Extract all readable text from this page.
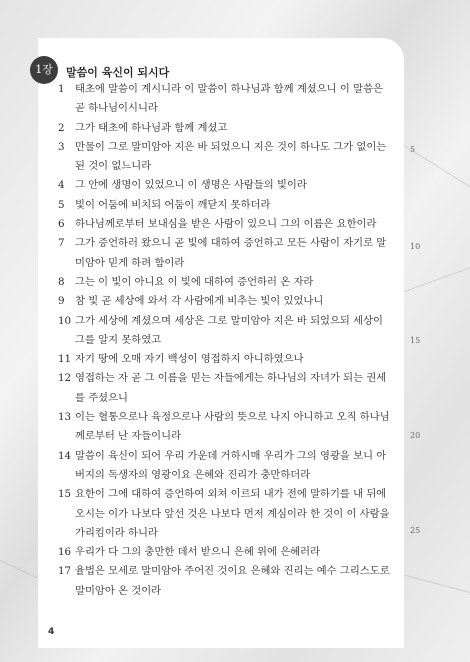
1장	말씀이 육신이 되시다
1	태초에 말씀이 계시니라 이 말씀이 하나님과 함께 계셨으니 이 말씀은 곧 하나님이시니라
2	그가 태초에 하나님과 함께 계셨고
3	만물이 그로 말미암아 지은 바 되었으니 지은 것이 하나도 그가 없이는 된 것이 없느니라
4	그 안에 생명이 있었으니 이 생명은 사람들의 빛이라
5	빛이 어둠에 비치되 어둠이 깨닫지 못하더라
6	하나님께로부터 보내심을 받은 사람이 있으니 그의 이름은 요한이라
7	그가 증언하러 왔으니 곧 빛에 대하여 증언하고 모든 사람이 자기로 말미암아 믿게 하려 함이라
8	그는 이 빛이 아니요 이 빛에 대하여 증언하러 온 자라
9	참 빛 곧 세상에 와서 각 사람에게 비추는 빛이 있었나니
10 그가 세상에 계셨으며 세상은 그로 말미암아 지은 바 되었으되 세상이 그를 알지 못하였고
11 자기 땅에 오매 자기 백성이 영접하지 아니하였으나
12 영접하는 자 곧 그 이름을 믿는 자들에게는 하나님의 자녀가 되는 권세를 주셨으니
13 이는 혈통으로나 육정으로나 사람의 뜻으로 나지 아니하고 오직 하나님께로부터 난 자들이니라
14 말씀이 육신이 되어 우리 가운데 거하시매 우리가 그의 영광을 보니 아버지의 독생자의 영광이요 은혜와 진리가 충만하더라
15 요한이 그에 대하여 증언하여 외쳐 이르되 내가 전에 말하기를 내 뒤에 오시는 이가 나보다 앞선 것은 나보다 먼저 계심이라 한 것이 이 사람을 가리킴이라 하니라
16 우리가 다 그의 충만한 데서 받으니 은혜 위에 은혜러라
17 율법은 모세로 말미암아 주어진 것이요 은혜와 진리는 예수 그리스도로 말미암아 온 것이라
5
10
15
20
25
4
